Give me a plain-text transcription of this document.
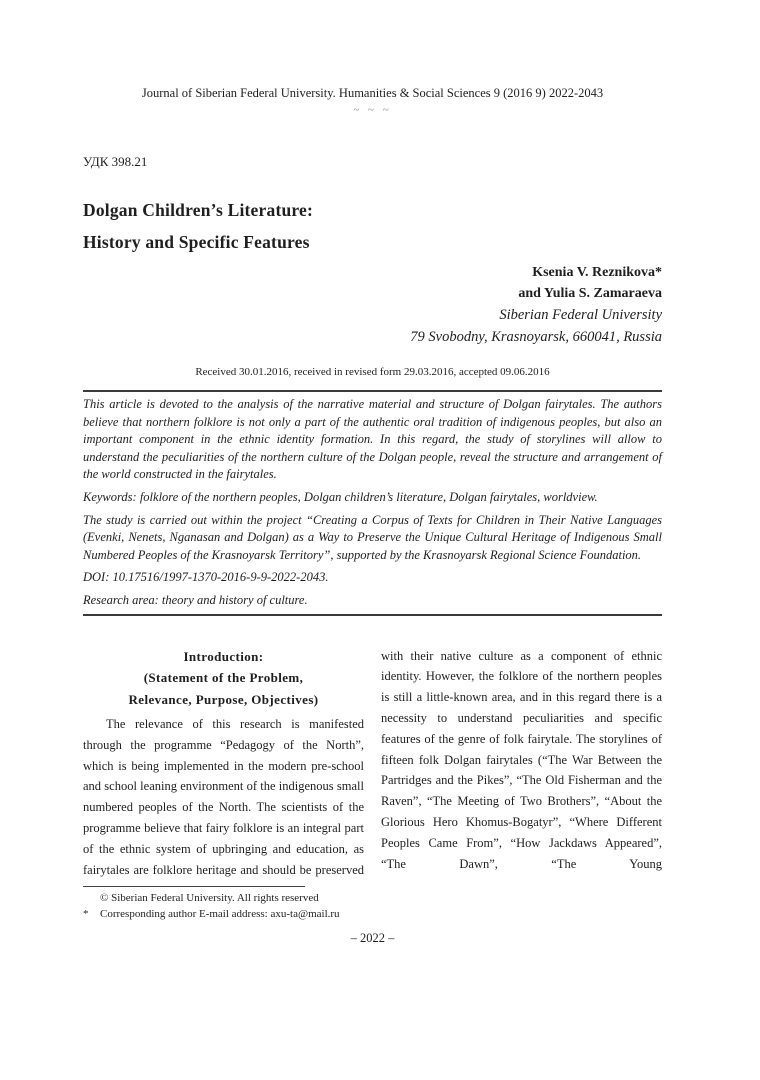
Journal of Siberian Federal University. Humanities & Social Sciences 9 (2016 9) 2022-2043
~ ~ ~
УДК 398.21
Dolgan Children’s Literature:
History and Specific Features
Ksenia V. Reznikova*
and Yulia S. Zamaraeva
Siberian Federal University
79 Svobodny, Krasnoyarsk, 660041, Russia
Received 30.01.2016, received in revised form 29.03.2016, accepted 09.06.2016

This article is devoted to the analysis of the narrative material and structure of Dolgan fairytales. The authors believe that northern folklore is not only a part of the authentic oral tradition of indigenous peoples, but also an important component in the ethnic identity formation. In this regard, the study of storylines will allow to understand the peculiarities of the northern culture of the Dolgan people, reveal the structure and arrangement of the world constructed in the fairytales.

Keywords: folklore of the northern peoples, Dolgan children’s literature, Dolgan fairytales, worldview.

The study is carried out within the project “Creating a Corpus of Texts for Children in Their Native Languages (Evenki, Nenets, Nganasan and Dolgan) as a Way to Preserve the Unique Cultural Heritage of Indigenous Small Numbered Peoples of the Krasnoyarsk Territory”, supported by the Krasnoyarsk Regional Science Foundation.

DOI: 10.17516/1997-1370-2016-9-9-2022-2043.

Research area: theory and history of culture.

Introduction:
(Statement of the Problem,
Relevance, Purpose, Objectives)

The relevance of this research is manifested through the programme “Pedagogy of the North”, which is being implemented in the modern pre-school and school leaning environment of the indigenous small numbered peoples of the North. The scientists of the programme believe that fairy folklore is an integral part of the ethnic system of upbringing and education, as fairytales are folklore heritage and should be preserved

with their native culture as a component of ethnic identity. However, the folklore of the northern peoples is still a little-known area, and in this regard there is a necessity to understand peculiarities and specific features of the genre of folk fairytale. The storylines of fifteen folk Dolgan fairytales (“The War Between the Partridges and the Pikes”, “The Old Fisherman and the Raven”, “The Meeting of Two Brothers”, “About the Glorious Hero Khomus-Bogatyr”, “Where Different Peoples Came From”, “How Jackdaws Appeared”, “The Dawn”, “The Young

© Siberian Federal University. All rights reserved
* Corresponding author E-mail address: axu-ta@mail.ru
– 2022 –
